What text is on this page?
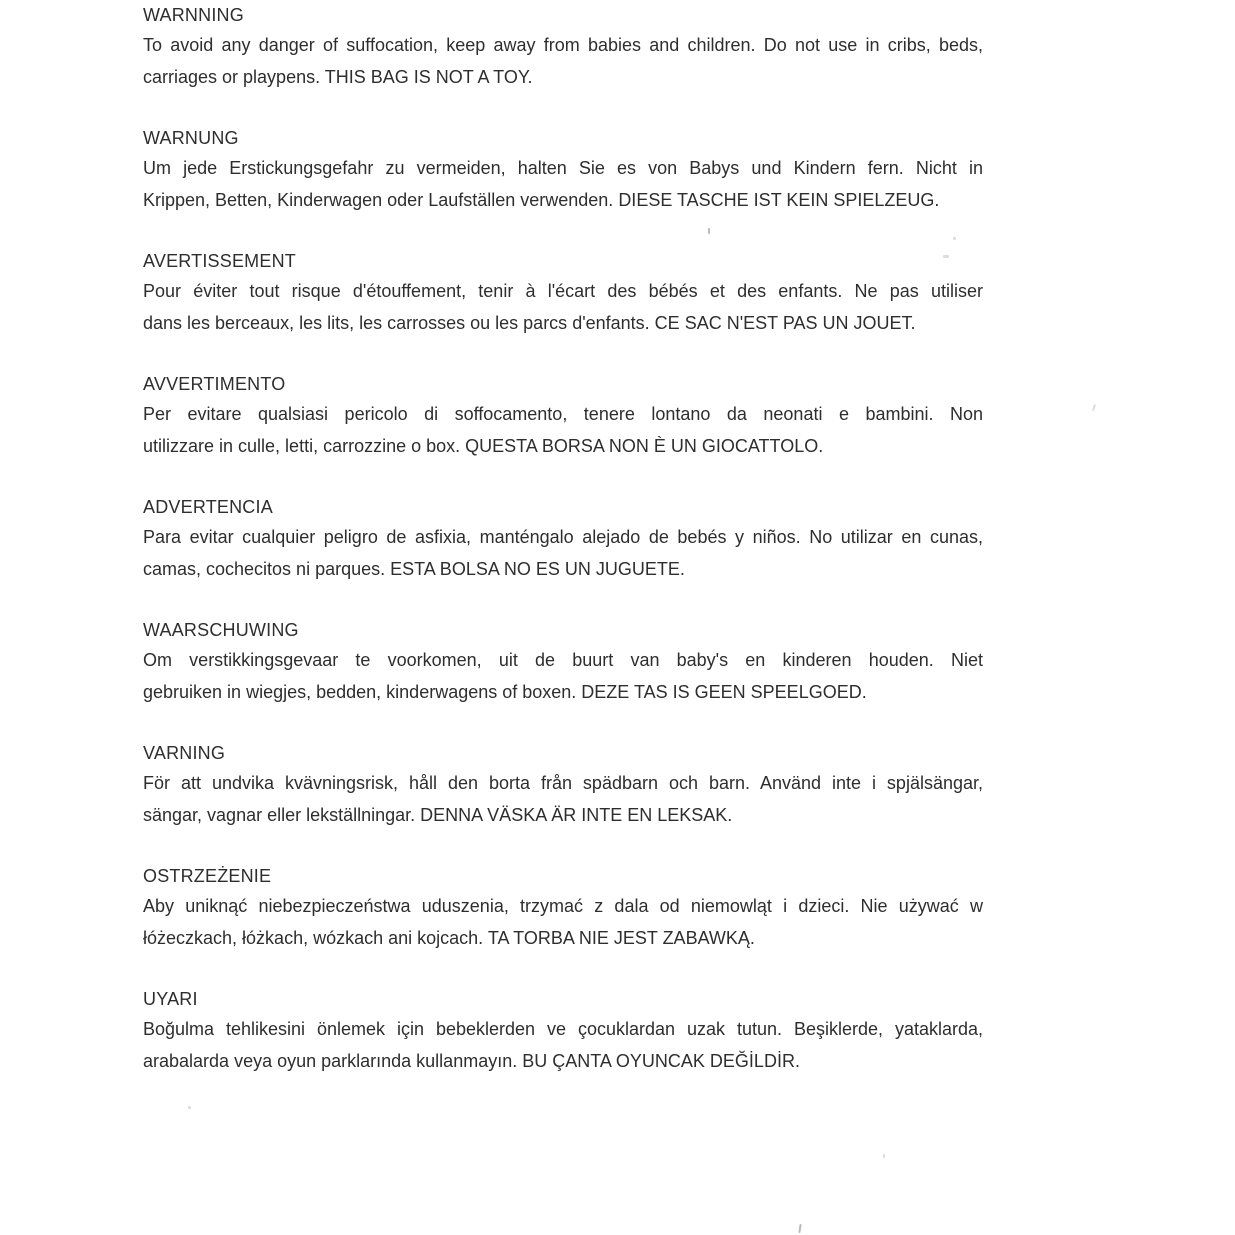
WARNNING
To avoid any danger of suffocation, keep away from babies and children. Do not use in cribs, beds,
carriages or playpens. THIS BAG IS NOT A TOY.
WARNUNG
Um jede Erstickungsgefahr zu vermeiden, halten Sie es von Babys und Kindern fern. Nicht in
Krippen, Betten, Kinderwagen oder Laufställen verwenden. DIESE TASCHE IST KEIN SPIELZEUG.
AVERTISSEMENT
Pour éviter tout risque d'étouffement, tenir à l'écart des bébés et des enfants. Ne pas utiliser
dans les berceaux, les lits, les carrosses ou les parcs d'enfants. CE SAC N'EST PAS UN JOUET.
AVVERTIMENTO
Per evitare qualsiasi pericolo di soffocamento, tenere lontano da neonati e bambini. Non
utilizzare in culle, letti, carrozzine o box. QUESTA BORSA NON È UN GIOCATTOLO.
ADVERTENCIA
Para evitar cualquier peligro de asfixia, manténgalo alejado de bebés y niños. No utilizar en cunas,
camas, cochecitos ni parques. ESTA BOLSA NO ES UN JUGUETE.
WAARSCHUWING
Om verstikkingsgevaar te voorkomen, uit de buurt van baby's en kinderen houden. Niet
gebruiken in wiegjes, bedden, kinderwagens of boxen. DEZE TAS IS GEEN SPEELGOED.
VARNING
För att undvika kvävningsrisk, håll den borta från spädbarn och barn. Använd inte i spjälsängar,
sängar, vagnar eller lekställningar. DENNA VÄSKA ÄR INTE EN LEKSAK.
OSTRZEŻENIE
Aby uniknąć niebezpieczeństwa uduszenia, trzymać z dala od niemowląt i dzieci. Nie używać w
łóżeczkach, łóżkach, wózkach ani kojcach. TA TORBA NIE JEST ZABAWKĄ.
UYARI
Boğulma tehlikesini önlemek için bebeklerden ve çocuklardan uzak tutun. Beşiklerde, yataklarda,
arabalarda veya oyun parklarında kullanmayın. BU ÇANTA OYUNCAK DEĞİLDİR.
